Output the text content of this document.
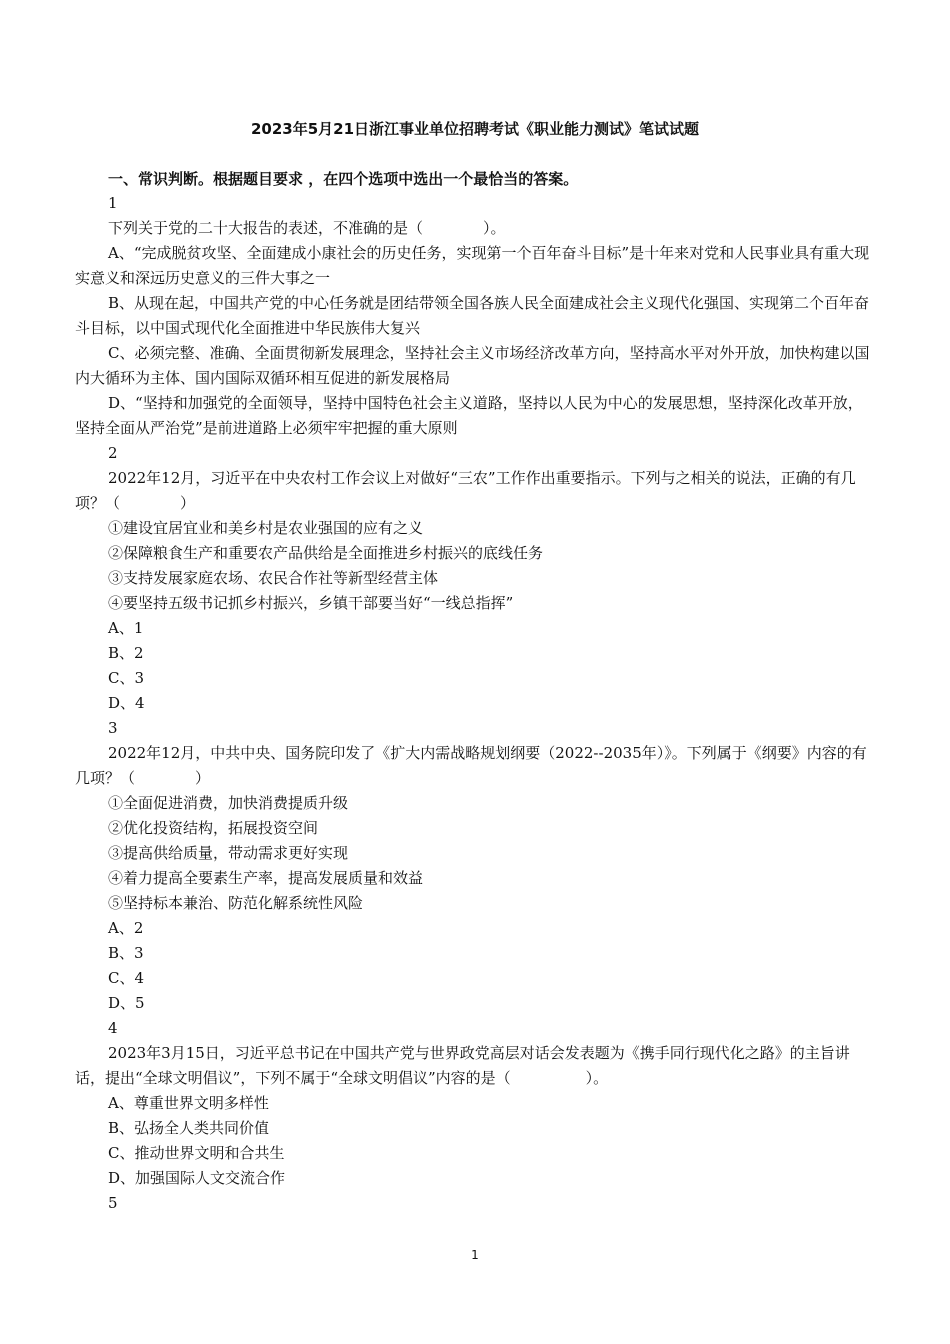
2023年5月21日浙江事业单位招聘考试《职业能力测试》笔试试题
一、常识判断。根据题目要求 ，在四个选项中选出一个最恰当的答案。

1

下列关于党的二十大报告的表述，不准确的是（　　　　）。

A、“完成脱贫攻坚、全面建成小康社会的历史任务，实现第一个百年奋斗目标”是十年来对党和人民事业具有重大现实意义和深远历史意义的三件大事之一

B、从现在起，中国共产党的中心任务就是团结带领全国各族人民全面建成社会主义现代化强国、实现第二个百年奋斗目标，以中国式现代化全面推进中华民族伟大复兴

C、必须完整、准确、全面贯彻新发展理念，坚持社会主义市场经济改革方向，坚持高水平对外开放，加快构建以国内大循环为主体、国内国际双循环相互促进的新发展格局

D、“坚持和加强党的全面领导，坚持中国特色社会主义道路，坚持以人民为中心的发展思想，坚持深化改革开放，坚持全面从严治党”是前进道路上必须牢牢把握的重大原则

2

2022年12月，习近平在中央农村工作会议上对做好“三农”工作作出重要指示。下列与之相关的说法，正确的有几项？（　　　　）

①建设宜居宜业和美乡村是农业强国的应有之义

②保障粮食生产和重要农产品供给是全面推进乡村振兴的底线任务

③支持发展家庭农场、农民合作社等新型经营主体

④要坚持五级书记抓乡村振兴，乡镇干部要当好“一线总指挥”

A、1

B、2

C、3

D、4

3

2022年12月，中共中央、国务院印发了《扩大内需战略规划纲要（2022--2035年）》。下列属于《纲要》内容的有几项？（　　　　）

①全面促进消费，加快消费提质升级

②优化投资结构，拓展投资空间

③提高供给质量，带动需求更好实现

④着力提高全要素生产率，提高发展质量和效益

⑤坚持标本兼治、防范化解系统性风险

A、2

B、3

C、4

D、5

4

2023年3月15日，习近平总书记在中国共产党与世界政党高层对话会发表题为《携手同行现代化之路》的主旨讲话，提出“全球文明倡议”，下列不属于“全球文明倡议”内容的是（　　　　　）。

A、尊重世界文明多样性

B、弘扬全人类共同价值

C、推动世界文明和合共生

D、加强国际人文交流合作

5

1
